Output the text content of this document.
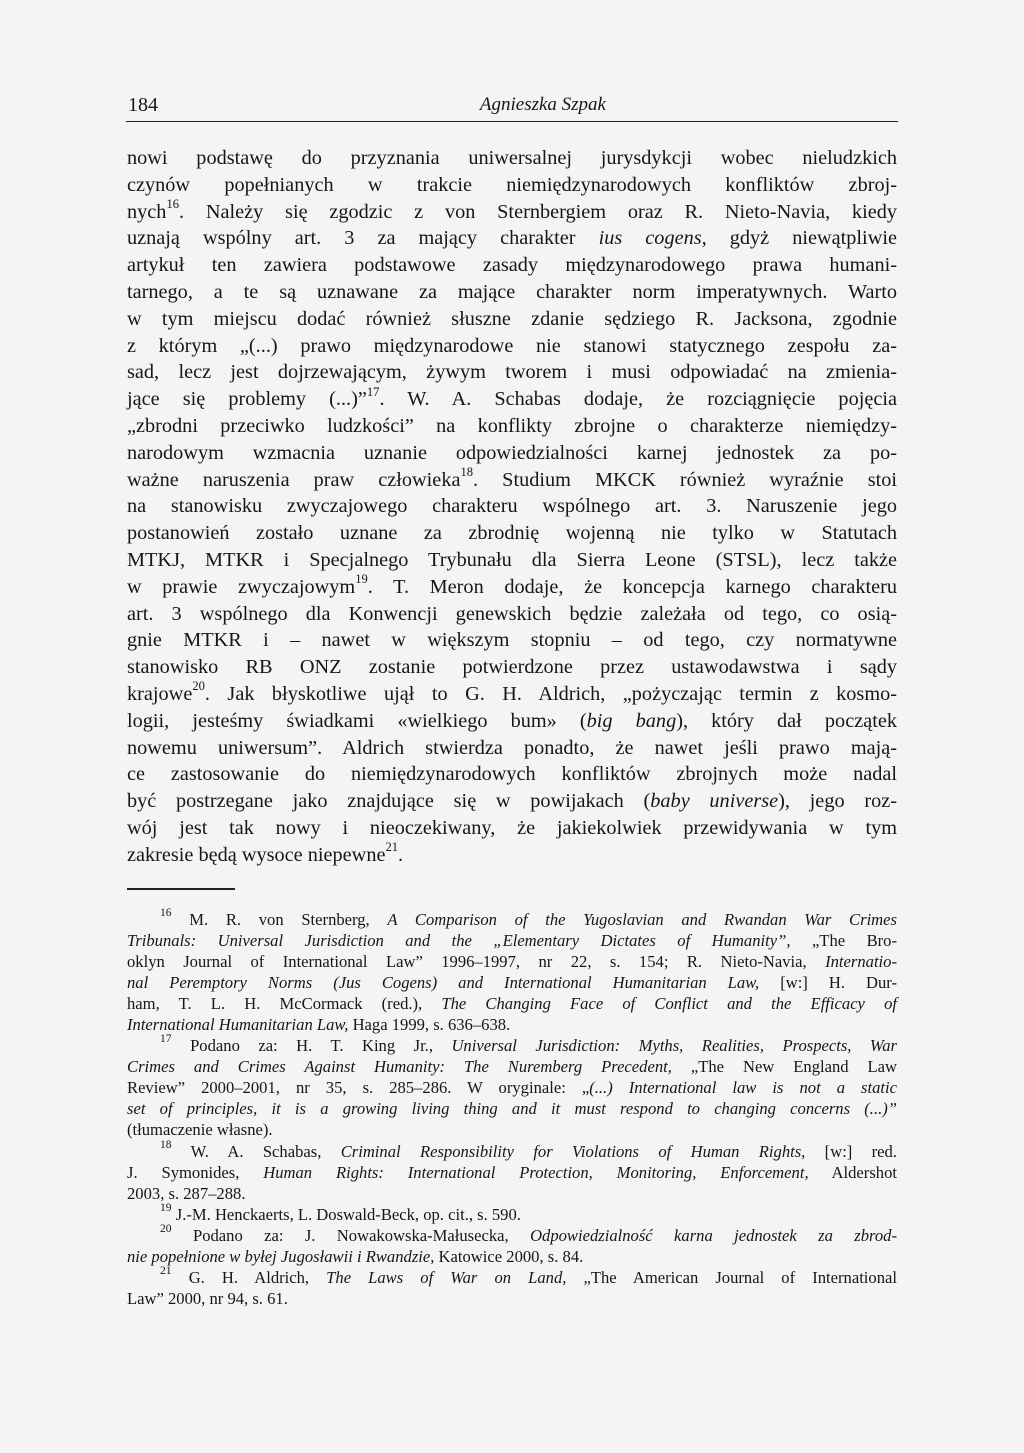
184	Agnieszka Szpak
nowi podstawę do przyznania uniwersalnej jurysdykcji wobec nieludzkich
czynów popełnianych w trakcie niemiędzynarodowych konfliktów zbroj-
nych$^{16}$. Należy się zgodzic z von Sternbergiem oraz R. Nieto-Navia, kiedy
uznają wspólny art. 3 za mający charakter ius cogens, gdyż niewątpliwie
artykuł ten zawiera podstawowe zasady międzynarodowego prawa humani-
tarnego, a te są uznawane za mające charakter norm imperatywnych. Warto
w tym miejscu dodać również słuszne zdanie sędziego R. Jacksona, zgodnie
z którym „(...) prawo międzynarodowe nie stanowi statycznego zespołu za-
sad, lecz jest dojrzewającym, żywym tworem i musi odpowiadać na zmienia-
jące się problemy (...)”$^{17}$. W. A. Schabas dodaje, że rozciągnięcie pojęcia
„zbrodni przeciwko ludzkości” na konflikty zbrojne o charakterze niemiędzy-
narodowym wzmacnia uznanie odpowiedzialności karnej jednostek za po-
ważne naruszenia praw człowieka$^{18}$. Studium MKCK również wyraźnie stoi
na stanowisku zwyczajowego charakteru wspólnego art. 3. Naruszenie jego
postanowień zostało uznane za zbrodnię wojenną nie tylko w Statutach
MTKJ, MTKR i Specjalnego Trybunału dla Sierra Leone (STSL), lecz także
w prawie zwyczajowym$^{19}$. T. Meron dodaje, że koncepcja karnego charakteru
art. 3 wspólnego dla Konwencji genewskich będzie zależała od tego, co osią-
gnie MTKR i – nawet w większym stopniu – od tego, czy normatywne
stanowisko RB ONZ zostanie potwierdzone przez ustawodawstwa i sądy
krajowe$^{20}$. Jak błyskotliwe ujął to G. H. Aldrich, „pożyczając termin z kosmo-
logii, jesteśmy świadkami «wielkiego bum» (big bang), który dał początek
nowemu uniwersum”. Aldrich stwierdza ponadto, że nawet jeśli prawo mają-
ce zastosowanie do niemiędzynarodowych konfliktów zbrojnych może nadal
być postrzegane jako znajdujące się w powijakach (baby universe), jego roz-
wój jest tak nowy i nieoczekiwany, że jakiekolwiek przewidywania w tym
zakresie będą wysoce niepewne$^{21}$.
$^{16}$ M. R. von Sternberg, A Comparison of the Yugoslavian and Rwandan War Crimes
Tribunals: Universal Jurisdiction and the „Elementary Dictates of Humanity”, „The Bro-
oklyn Journal of International Law” 1996–1997, nr 22, s. 154; R. Nieto-Navia, Internatio-
nal Peremptory Norms (Jus Cogens) and International Humanitarian Law, [w:] H. Dur-
ham, T. L. H. McCormack (red.), The Changing Face of Conflict and the Efficacy of
International Humanitarian Law, Haga 1999, s. 636–638.
$^{17}$ Podano za: H. T. King Jr., Universal Jurisdiction: Myths, Realities, Prospects, War
Crimes and Crimes Against Humanity: The Nuremberg Precedent, „The New England Law
Review” 2000–2001, nr 35, s. 285–286. W oryginale: „(...) International law is not a static
set of principles, it is a growing living thing and it must respond to changing concerns (...)”
(tłumaczenie własne).
$^{18}$ W. A. Schabas, Criminal Responsibility for Violations of Human Rights, [w:] red.
J. Symonides, Human Rights: International Protection, Monitoring, Enforcement, Aldershot
2003, s. 287–288.
$^{19}$ J.-M. Henckaerts, L. Doswald-Beck, op. cit., s. 590.
$^{20}$ Podano za: J. Nowakowska-Małusecka, Odpowiedzialność karna jednostek za zbrod-
nie popełnione w byłej Jugosławii i Rwandzie, Katowice 2000, s. 84.
$^{21}$ G. H. Aldrich, The Laws of War on Land, „The American Journal of International
Law” 2000, nr 94, s. 61.
